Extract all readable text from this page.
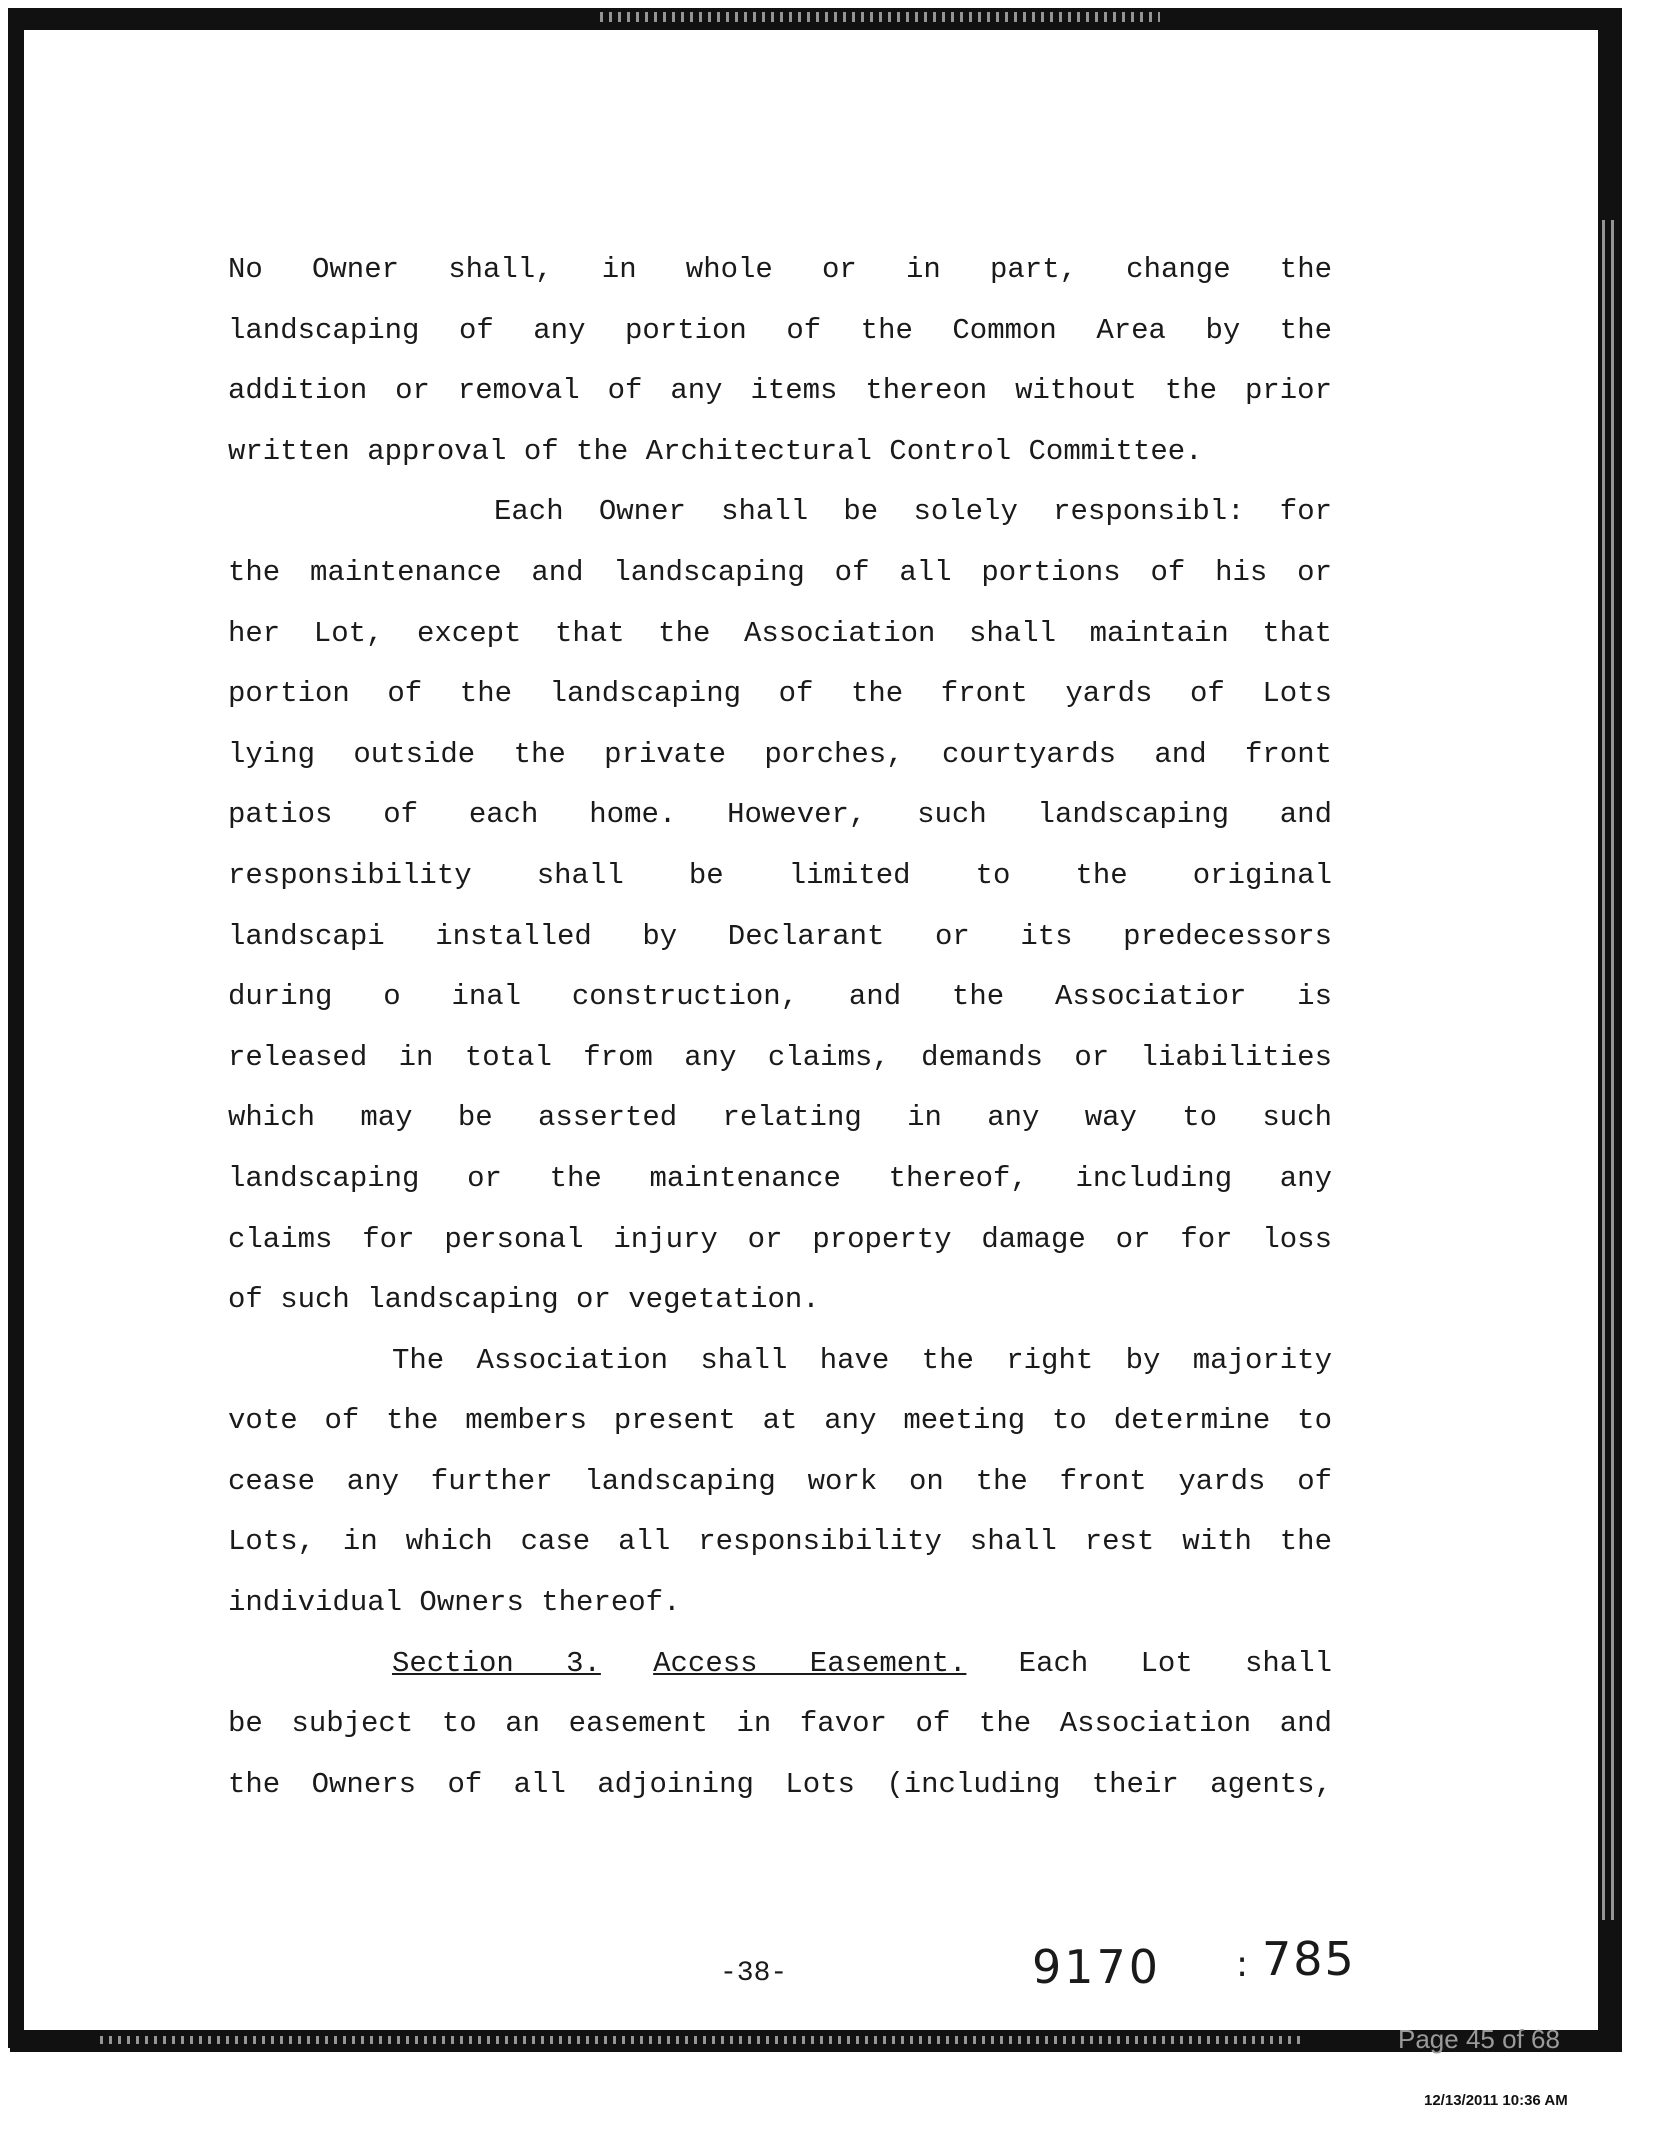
No Owner shall, in whole or in part, change the
landscaping of any portion of the Common Area by the
addition or removal of any items thereon without the prior
written approval of the Architectural Control Committee.
Each Owner shall be solely responsibl: for
the maintenance and landscaping of all portions of his or
her Lot, except that the Association shall maintain that
portion of the landscaping of the front yards of Lots
lying outside the private porches, courtyards and front
patios of each home. However, such landscaping and
responsibility shall be limited to the original
landscapi installed by Declarant or its predecessors
during o inal construction, and the Associatior is
released in total from any claims, demands or liabilities
which may be asserted relating in any way to such
landscaping or the maintenance thereof, including any
claims for personal injury or property damage or for loss
of such landscaping or vegetation.
The Association shall have the right by majority
vote of the members present at any meeting to determine to
cease any further landscaping work on the front yards of
Lots, in which case all responsibility shall rest with the
individual Owners thereof.
Section 3. Access Easement. Each Lot shall
be subject to an easement in favor of the Association and
the Owners of all adjoining Lots (including their agents,
-38-	9170 : 785
Page 45 of 68
12/13/2011 10:36 AM
